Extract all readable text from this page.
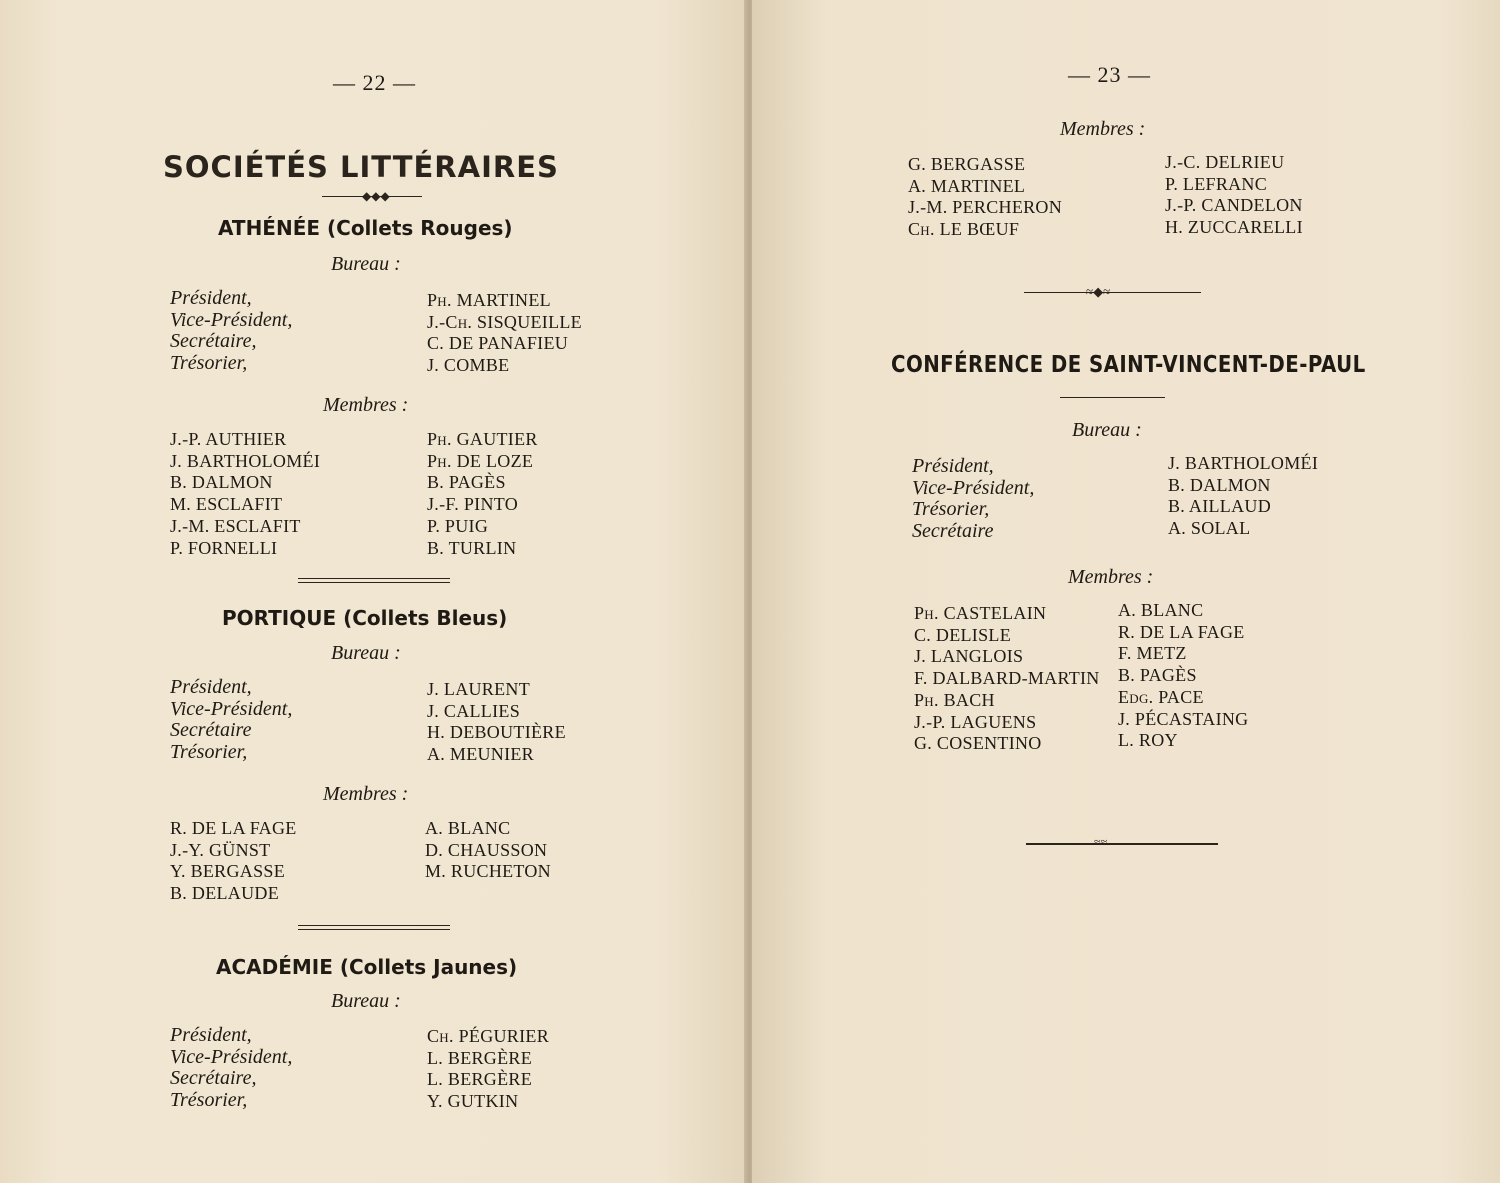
— 22 —
SOCIÉTÉS LITTÉRAIRES
◆◆◆
ATHÉNÉE (Collets Rouges)
Bureau :
Président,
Vice-Président,
Secrétaire,
Trésorier,
Ph. MARTINEL
J.-Ch. SISQUEILLE
C. DE PANAFIEU
J. COMBE
Membres :
J.-P. AUTHIER
J. BARTHOLOMÉI
B. DALMON
M. ESCLAFIT
J.-M. ESCLAFIT
P. FORNELLI
Ph. GAUTIER
Ph. DE LOZE
B. PAGÈS
J.-F. PINTO
P. PUIG
B. TURLIN
PORTIQUE (Collets Bleus)
Bureau :
Président,
Vice-Président,
Secrétaire
Trésorier,
J. LAURENT
J. CALLIES
H. DEBOUTIÈRE
A. MEUNIER
Membres :
R. DE LA FAGE
J.-Y. GÜNST
Y. BERGASSE
B. DELAUDE
A. BLANC
D. CHAUSSON
M. RUCHETON
ACADÉMIE (Collets Jaunes)
Bureau :
Président,
Vice-Président,
Secrétaire,
Trésorier,
Ch. PÉGURIER
L. BERGÈRE
L. BERGÈRE
Y. GUTKIN
— 23 —
Membres :
G. BERGASSE
A. MARTINEL
J.-M. PERCHERON
Ch. LE BŒUF
J.-C. DELRIEU
P. LEFRANC
J.-P. CANDELON
H. ZUCCARELLI
≈◆≈
CONFÉRENCE DE SAINT-VINCENT-DE-PAUL
Bureau :
Président,
Vice-Président,
Trésorier,
Secrétaire
J. BARTHOLOMÉI
B. DALMON
B. AILLAUD
A. SOLAL
Membres :
Ph. CASTELAIN
C. DELISLE
J. LANGLOIS
F. DALBARD-MARTIN
Ph. BACH
J.-P. LAGUENS
G. COSENTINO
A. BLANC
R. DE LA FAGE
F. METZ
B. PAGÈS
Edg. PACE
J. PÉCASTAING
L. ROY
≈≈
